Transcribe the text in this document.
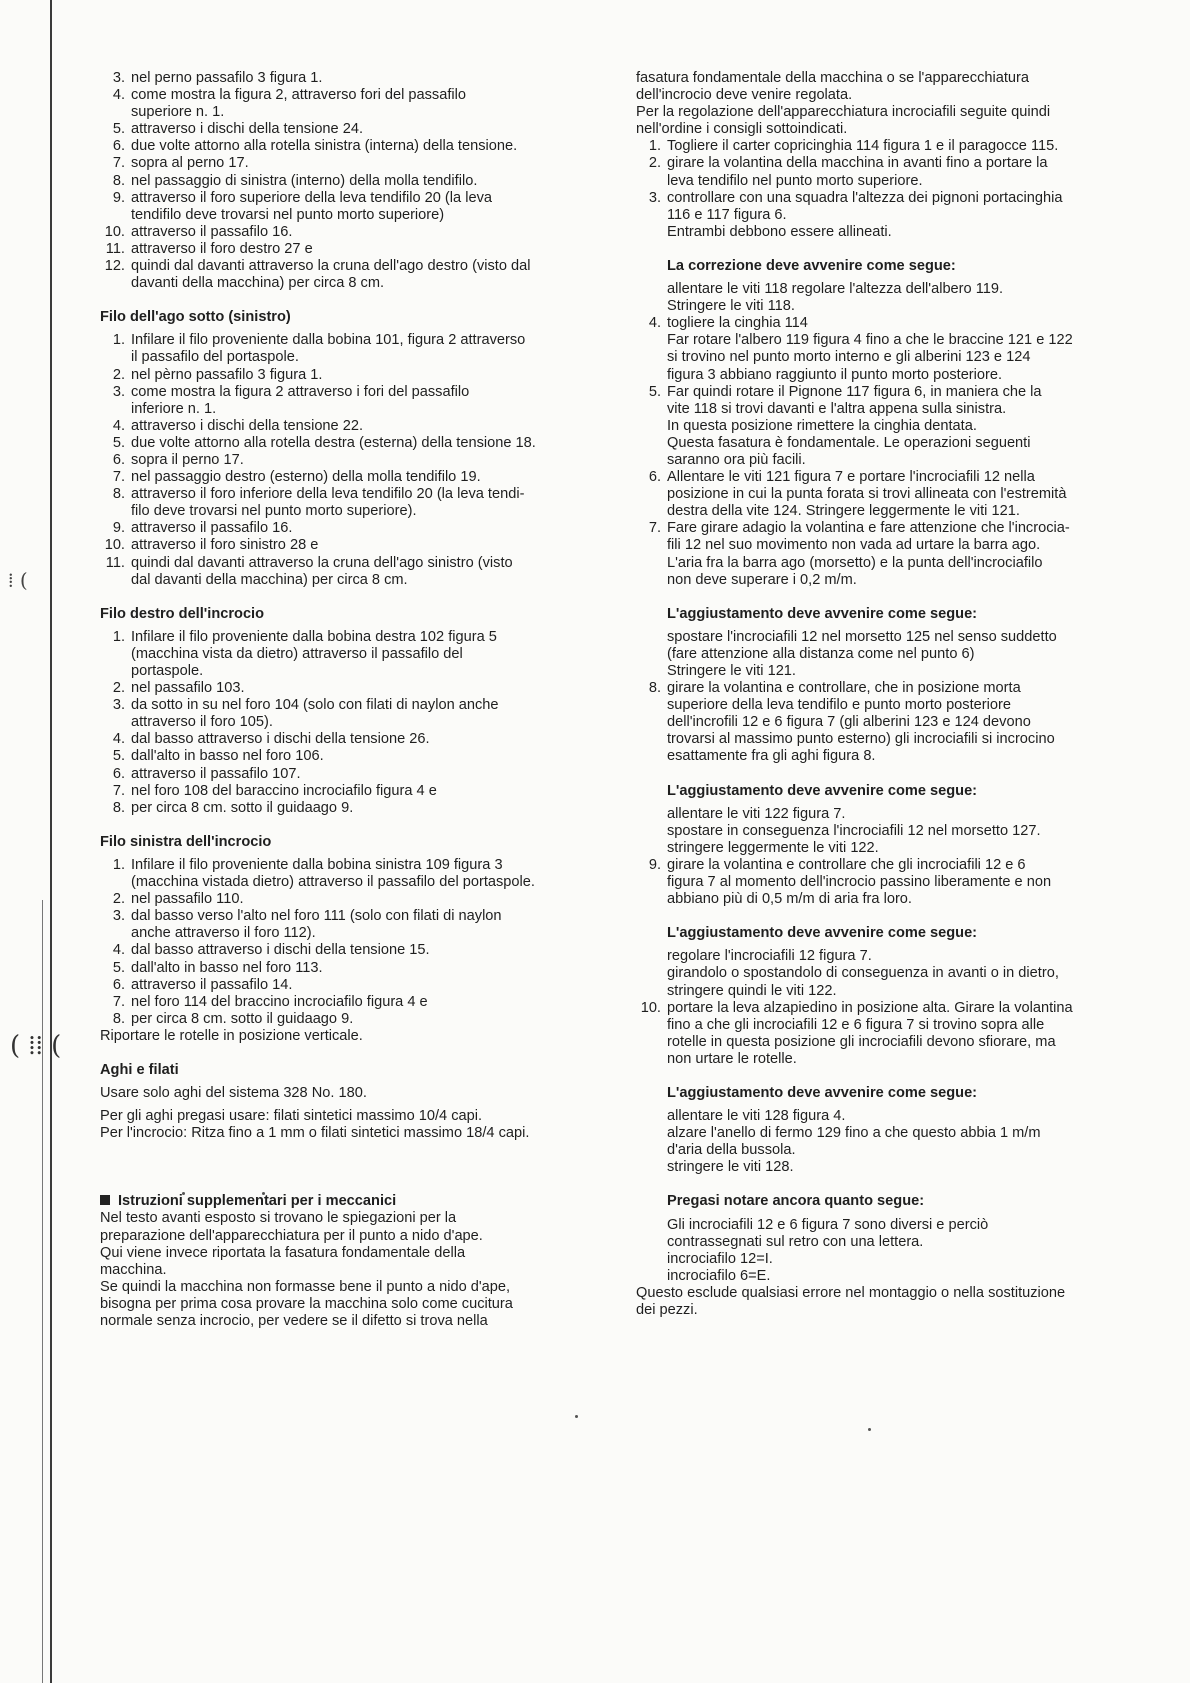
⁞ (
( ⁞⁞ (
3. nel perno passafilo 3 figura 1.
4. come mostra la figura 2, attraverso fori del passafilo
superiore n. 1.
5. attraverso i dischi della tensione 24.
6. due volte attorno alla rotella sinistra (interna) della tensione.
7. sopra al perno 17.
8. nel passaggio di sinistra (interno) della molla tendifilo.
9. attraverso il foro superiore della leva tendifilo 20 (la leva
tendifilo deve trovarsi nel punto morto superiore)
10. attraverso il passafilo 16.
11. attraverso il foro destro 27 e
12. quindi dal davanti attraverso la cruna dell'ago destro (visto dal
davanti della macchina) per circa 8 cm.

Filo dell'ago sotto (sinistro)

1. Infilare il filo proveniente dalla bobina 101, figura 2 attraverso
il passafilo del portaspole.
2. nel pèrno passafilo 3 figura 1.
3. come mostra la figura 2 attraverso i fori del passafilo
inferiore n. 1.
4. attraverso i dischi della tensione 22.
5. due volte attorno alla rotella destra (esterna) della tensione 18.
6. sopra il perno 17.
7. nel passaggio destro (esterno) della molla tendifilo 19.
8. attraverso il foro inferiore della leva tendifilo 20 (la leva tendi-
filo deve trovarsi nel punto morto superiore).
9. attraverso il passafilo 16.
10. attraverso il foro sinistro 28 e
11. quindi dal davanti attraverso la cruna dell'ago sinistro (visto
dal davanti della macchina) per circa 8 cm.

Filo destro dell'incrocio

1. Infilare il filo proveniente dalla bobina destra 102 figura 5
(macchina vista da dietro) attraverso il passafilo del
portaspole.
2. nel passafilo 103.
3. da sotto in su nel foro 104 (solo con filati di naylon anche
attraverso il foro 105).
4. dal basso attraverso i dischi della tensione 26.
5. dall'alto in basso nel foro 106.
6. attraverso il passafilo 107.
7. nel foro 108 del baraccino incrociafilo figura 4 e
8. per circa 8 cm. sotto il guidaago 9.

Filo sinistra dell'incrocio

1. Infilare il filo proveniente dalla bobina sinistra 109 figura 3
(macchina vistada dietro) attraverso il passafilo del portaspole.
2. nel passafilo 110.
3. dal basso verso l'alto nel foro 111 (solo con filati di naylon
anche attraverso il foro 112).
4. dal basso attraverso i dischi della tensione 15.
5. dall'alto in basso nel foro 113.
6. attraverso il passafilo 14.
7. nel foro 114 del braccino incrociafilo figura 4 e
8. per circa 8 cm. sotto il guidaago 9.

Riportare le rotelle in posizione verticale.

Aghi e filati

Usare solo aghi del sistema 328 No. 180.

Per gli aghi pregasi usare: filati sintetici massimo 10/4 capi.

Per l'incrocio: Ritza fino a 1 mm o filati sintetici massimo 18/4 capi.

Istruzioni supplementari per i meccanici

Nel testo avanti esposto si trovano le spiegazioni per la
preparazione dell'apparecchiatura per il punto a nido d'ape.
Qui viene invece riportata la fasatura fondamentale della
macchina.
Se quindi la macchina non formasse bene il punto a nido d'ape,
bisogna per prima cosa provare la macchina solo come cucitura
normale senza incrocio, per vedere se il difetto si trova nella

fasatura fondamentale della macchina o se l'apparecchiatura
dell'incrocio deve venire regolata.
Per la regolazione dell'apparecchiatura incrociafili seguite quindi
nell'ordine i consigli sottoindicati.

1. Togliere il carter copricinghia 114 figura 1 e il paragocce 115.
2. girare la volantina della macchina in avanti fino a portare la
leva tendifilo nel punto morto superiore.
3. controllare con una squadra l'altezza dei pignoni portacinghia
116 e 117 figura 6.
Entrambi debbono essere allineati.

La correzione deve avvenire come segue:

allentare le viti 118 regolare l'altezza dell'albero 119.
Stringere le viti 118.

4. togliere la cinghia 114
Far rotare l'albero 119 figura 4 fino a che le braccine 121 e 122
si trovino nel punto morto interno e gli alberini 123 e 124
figura 3 abbiano raggiunto il punto morto posteriore.
5. Far quindi rotare il Pignone 117 figura 6, in maniera che la
vite 118 si trovi davanti e l'altra appena sulla sinistra.
In questa posizione rimettere la cinghia dentata.
Questa fasatura è fondamentale. Le operazioni seguenti
saranno ora più facili.
6. Allentare le viti 121 figura 7 e portare l'incrociafili 12 nella
posizione in cui la punta forata si trovi allineata con l'estremità
destra della vite 124. Stringere leggermente le viti 121.
7. Fare girare adagio la volantina e fare attenzione che l'incrocia-
fili 12 nel suo movimento non vada ad urtare la barra ago.
L'aria fra la barra ago (morsetto) e la punta dell'incrociafilo
non deve superare i 0,2 m/m.

L'aggiustamento deve avvenire come segue:

spostare l'incrociafili 12 nel morsetto 125 nel senso suddetto
(fare attenzione alla distanza come nel punto 6)
Stringere le viti 121.

8. girare la volantina e controllare, che in posizione morta
superiore della leva tendifilo e punto morto posteriore
dell'incrofili 12 e 6 figura 7 (gli alberini 123 e 124 devono
trovarsi al massimo punto esterno) gli incrociafili si incrocino
esattamente fra gli aghi figura 8.

L'aggiustamento deve avvenire come segue:

allentare le viti 122 figura 7.
spostare in conseguenza l'incrociafili 12 nel morsetto 127.
stringere leggermente le viti 122.

9. girare la volantina e controllare che gli incrociafili 12 e 6
figura 7 al momento dell'incrocio passino liberamente e non
abbiano più di 0,5 m/m di aria fra loro.

L'aggiustamento deve avvenire come segue:

regolare l'incrociafili 12 figura 7.
girandolo o spostandolo di conseguenza in avanti o in dietro,
stringere quindi le viti 122.

10. portare la leva alzapiedino in posizione alta. Girare la volantina
fino a che gli incrociafili 12 e 6 figura 7 si trovino sopra alle
rotelle in questa posizione gli incrociafili devono sfiorare, ma
non urtare le rotelle.

L'aggiustamento deve avvenire come segue:

allentare le viti 128 figura 4.
alzare l'anello di fermo 129 fino a che questo abbia 1 m/m
d'aria della bussola.
stringere le viti 128.

Pregasi notare ancora quanto segue:

Gli incrociafili 12 e 6 figura 7 sono diversi e perciò
contrassegnati sul retro con una lettera.
incrociafilo 12=I.
incrociafilo 6=E.

Questo esclude qualsiasi errore nel montaggio o nella sostituzione
dei pezzi.
